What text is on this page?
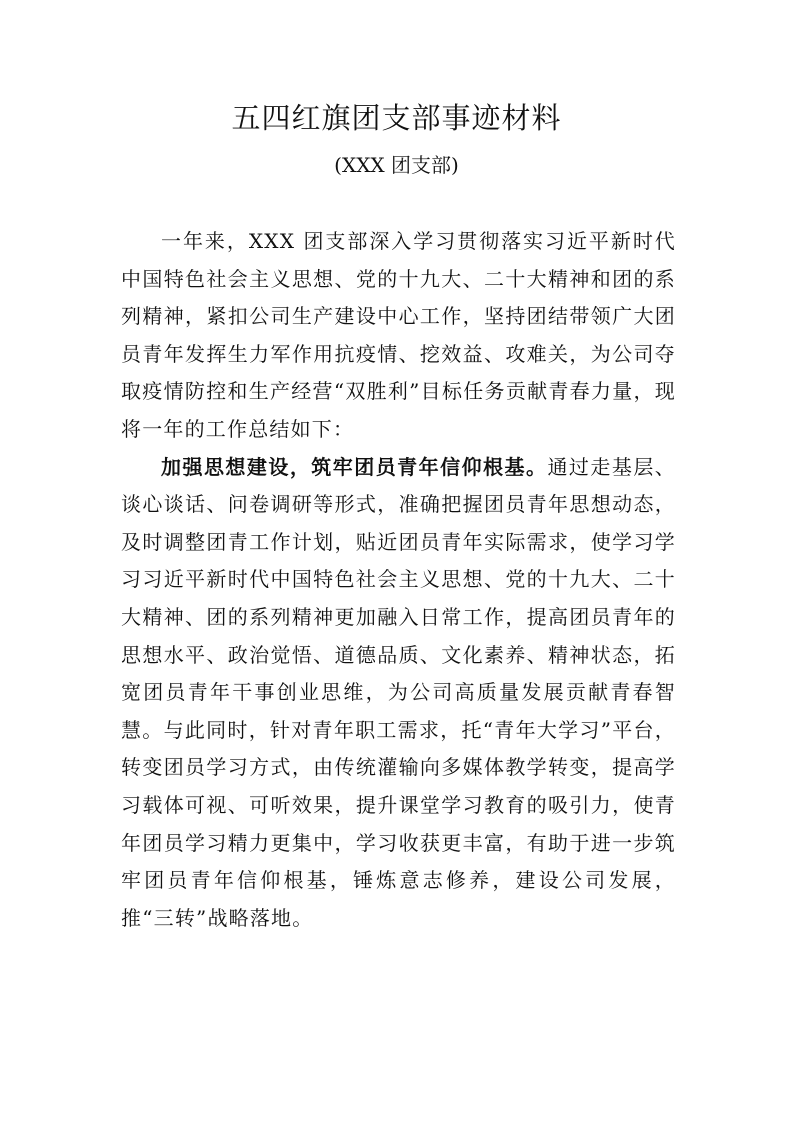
五四红旗团支部事迹材料
(XXX 团支部)

一年来，XXX 团支部深入学习贯彻落实习近平新时代中国特色社会主义思想、党的十九大、二十大精神和团的系列精神，紧扣公司生产建设中心工作，坚持团结带领广大团员青年发挥生力军作用抗疫情、挖效益、攻难关，为公司夺取疫情防控和生产经营“双胜利”目标任务贡献青春力量，现将一年的工作总结如下：

加强思想建设，筑牢团员青年信仰根基。通过走基层、谈心谈话、问卷调研等形式，准确把握团员青年思想动态，及时调整团青工作计划，贴近团员青年实际需求，使学习学习习近平新时代中国特色社会主义思想、党的十九大、二十大精神、团的系列精神更加融入日常工作，提高团员青年的思想水平、政治觉悟、道德品质、文化素养、精神状态，拓宽团员青年干事创业思维，为公司高质量发展贡献青春智慧。与此同时，针对青年职工需求，托“青年大学习”平台，转变团员学习方式，由传统灌输向多媒体教学转变，提高学习载体可视、可听效果，提升课堂学习教育的吸引力，使青年团员学习精力更集中，学习收获更丰富，有助于进一步筑牢团员青年信仰根基，锤炼意志修养，建设公司发展，推“三转”战略落地。
